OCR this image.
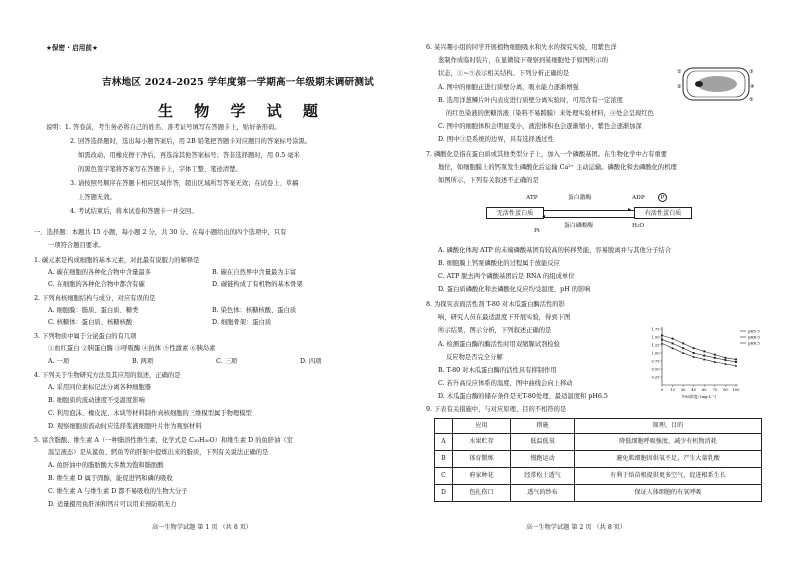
★保密 · 启用前★
吉林地区 2024-2025 学年度第一学期高一年级期末调研测试
生 物 学 试 题
说明：1. 答卷前，考生务必将自己的姓名、准考证号填写在答题卡上，贴好条形码。
2. 回答选择题时，选出每小题答案后，用 2B 铅笔把答题卡对应题目的答案标号涂黑。
如需改动，用橡皮擦干净后，再选涂其他答案标号；答非选择题时，用 0.5 毫米
的黑色签字笔将答案写在答题卡上，字体工整、笔迹清楚。
3. 请按照号顺序在答题卡相应区域作答，超出区域所写答案无效；在试卷上、草稿
上答题无效。
4. 考试结束后，将本试卷和答题卡一并交回。
一、选择题：本题共 15 小题，每小题 2 分，共 30 分。在每小题给出的四个选项中，只有
一项符合题目要求。
1. 碳元素是构成细胞的基本元素，对此最有说服力的解释是
A. 碳在细胞的各种化合物中含量最多	B. 碳在自然界中含量最为丰富
C. 在细胞的各种化合物中都含有碳	D. 碳链构成了有机物的基本骨架
2. 下列真核细胞结构与成分，对应有误的是
A. 细胞膜：脂质、蛋白质、糖类	B. 染色体：核糖核酸、蛋白质
C. 核糖体：蛋白质、核糖核酸	D. 细胞骨架：蛋白质
3. 下列物质中属于分泌蛋白的有几项
①血红蛋白 ②胰蛋白酶 ③呼吸酶 ④抗体 ⑤性激素 ⑥胰岛素
A. 一项	B. 两项	C. 三项	D. 四项
4. 下列关于生物研究方法及其应用的叙述，正确的是
A. 采用同位素标记法分离各种细胞器
B. 细胞质的流动速度不受温度影响
C. 利用泡沫、橡皮泥、木块等材料制作真核细胞的三维模型属于物理模型
D. 观察细胞质流动时应选择浆液细胞叶片作为观察材料
5. 富含脂酸、维生素 A（一种脂溶性维生素，化学式是 C₂₀H₃₀O）和维生素 D 的鱼肝油（室
温呈液态）是从鲨鱼、鳕鱼等的肝脏中提炼出来的脂质，下列有关说法正确的是
A. 鱼肝油中的脂肪酸大多数为饱和脂肪酸
B. 维生素 D 属于固醇，能促进钙和磷的吸收
C. 维生素 A 与维生素 D 都不易吸收的生物大分子
D. 适量摄用鱼肝油和钙片可以用来预防肌无力
高一生物学试题 第 1 页 （共 8 页）
6. 某兴趣小组的同学开展植物细胞吸水和失水的探究实验，用紫色洋
葱制作成临时装片，在显微镜下观察到某细胞处于如图所示的
状态，①~⑤表示相关结构。下列分析正确的是	①
②
③
④
⑤
A. 图中的细胞正进行质壁分离，吸水能力逐渐增强
B. 选用洋葱鳞片叶内表皮进行质壁分离实验时，可用含有一定浓度
的红色染液的蔗糖溶液（染料不易跨膜）来处理实验材料，④处会呈现红色
C. 图中的细胞体积会明显变小，液泡体积也会逐渐缩小，紫色会逐渐加深
D. 图中③是系统的边界，具有选择透过性
7. 磷酸化是指在蛋白质或其他类型分子上，加入一个磷酸基团。在生物化学中占有重要
地位，如细胞膜上的钙泵发生磷酸化后运输 Ca²⁺ 主动运输。磷酸化和去磷酸化的机理
如图所示，下列有关叙述不正确的是
无活性蛋白质	有活性蛋白质
▸
◂
ATP	蛋白激酶	ADP	P
蛋白磷酸酶	H₂O
Pi
A. 磷酸化体现 ATP 的末端磷酸基团有较高的转移势能，容易脱离并与其他分子结合
B. 细胞膜上钙泵磷酸化的过程属于放能反应
C. ATP 脱去两个磷酸基团后是 RNA 的组成单位
D. 蛋白质磷酸化和去磷酸化反应均受温度、pH 的影响
8. 为探究表面活性剂 T-80 对木瓜蛋白酶活性的影
响，研究人员在最适温度下开展实验，得到下图
所示结果，图示分析，下列叙述正确的是
0 15 30 45 60 75 90 105
0.25
0.50
0.75
1.00
1.25
1.50
1.75
T-80浓度/ (mg·L⁻¹)
pH5.5
pH6.0
pH6.5
A. 检测蛋白酶的酶活性时用双缩脲试剂检验
反应物是否完全分解
B. T-80 对木瓜蛋白酶的活性具有抑制作用
C. 若升高反应体系的温度，图中曲线会向上移动
D. 木瓜蛋白酶的储存条件是无T-80处理、最适温度和 pH6.5
9. 下表有关措施中，与对应原理、目的不相符的是
	应用	措施	原理、目的
A	水果贮存	低温低氧	降低细胞呼吸强度，减少有机物消耗
B	体育锻炼	慢跑运动	避免肌细胞因供氧不足，产生大量乳酸
C	府家种花	经常松土透气	有利于给苗根提供更多空气，促进根系生长
D	包扎伤口	透气的纱布	保证人体细胞的有氧呼吸
高一生物学试题 第 2 页 （共 8 页）
